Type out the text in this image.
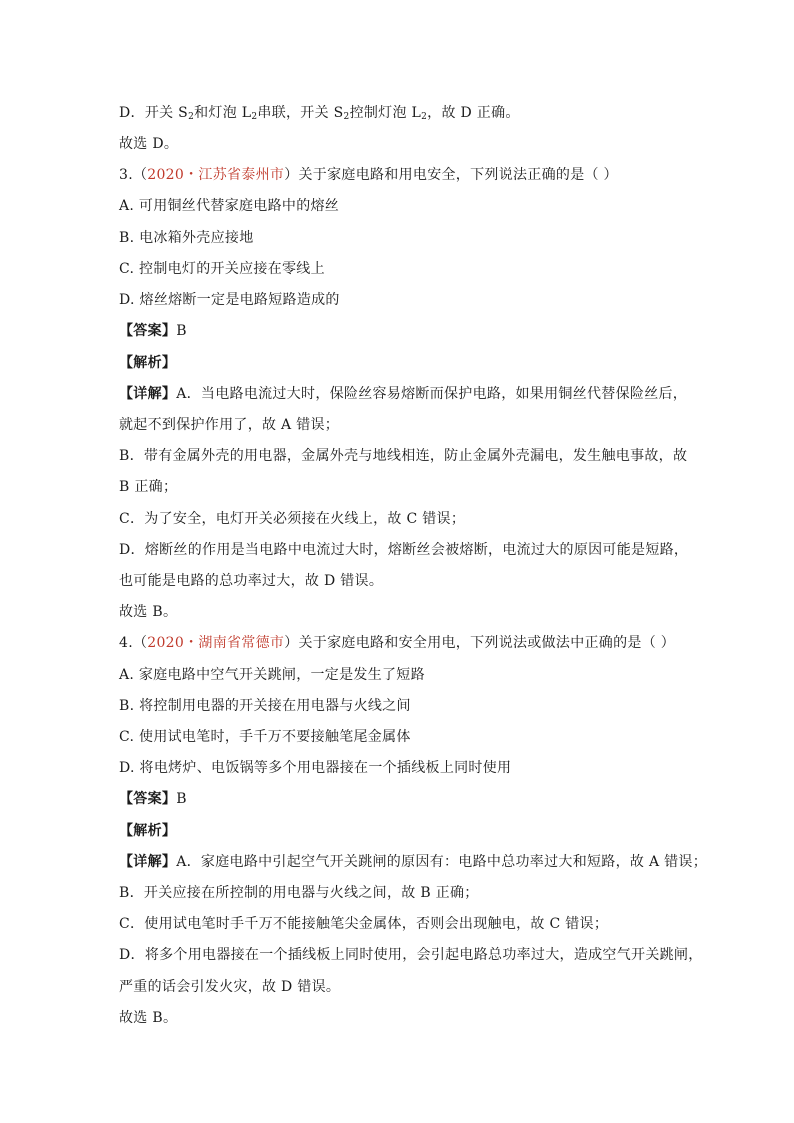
D．开关 $S_2$和灯泡 $L_2$串联，开关 $S_2$控制灯泡 $L_2$，故 D 正确。
故选 D。
3.（2020・江苏省泰州市）关于家庭电路和用电安全，下列说法正确的是（ ）
A. 可用铜丝代替家庭电路中的熔丝
B. 电冰箱外壳应接地
C. 控制电灯的开关应接在零线上
D. 熔丝熔断一定是电路短路造成的
【答案】B
【解析】
【详解】A．当电路电流过大时，保险丝容易熔断而保护电路，如果用铜丝代替保险丝后，
就起不到保护作用了，故 A 错误；
B．带有金属外壳的用电器，金属外壳与地线相连，防止金属外壳漏电，发生触电事故，故
B 正确；
C．为了安全，电灯开关必须接在火线上，故 C 错误；
D．熔断丝的作用是当电路中电流过大时，熔断丝会被熔断，电流过大的原因可能是短路，
也可能是电路的总功率过大，故 D 错误。
故选 B。
4.（2020・湖南省常德市）关于家庭电路和安全用电，下列说法或做法中正确的是（ ）
A. 家庭电路中空气开关跳闸，一定是发生了短路
B. 将控制用电器的开关接在用电器与火线之间
C. 使用试电笔时，手千万不要接触笔尾金属体
D. 将电烤炉、电饭锅等多个用电器接在一个插线板上同时使用
【答案】B
【解析】
【详解】A．家庭电路中引起空气开关跳闸的原因有：电路中总功率过大和短路，故 A 错误；
B．开关应接在所控制的用电器与火线之间，故 B 正确；
C．使用试电笔时手千万不能接触笔尖金属体，否则会出现触电，故 C 错误；
D．将多个用电器接在一个插线板上同时使用，会引起电路总功率过大，造成空气开关跳闸，
严重的话会引发火灾，故 D 错误。
故选 B。
